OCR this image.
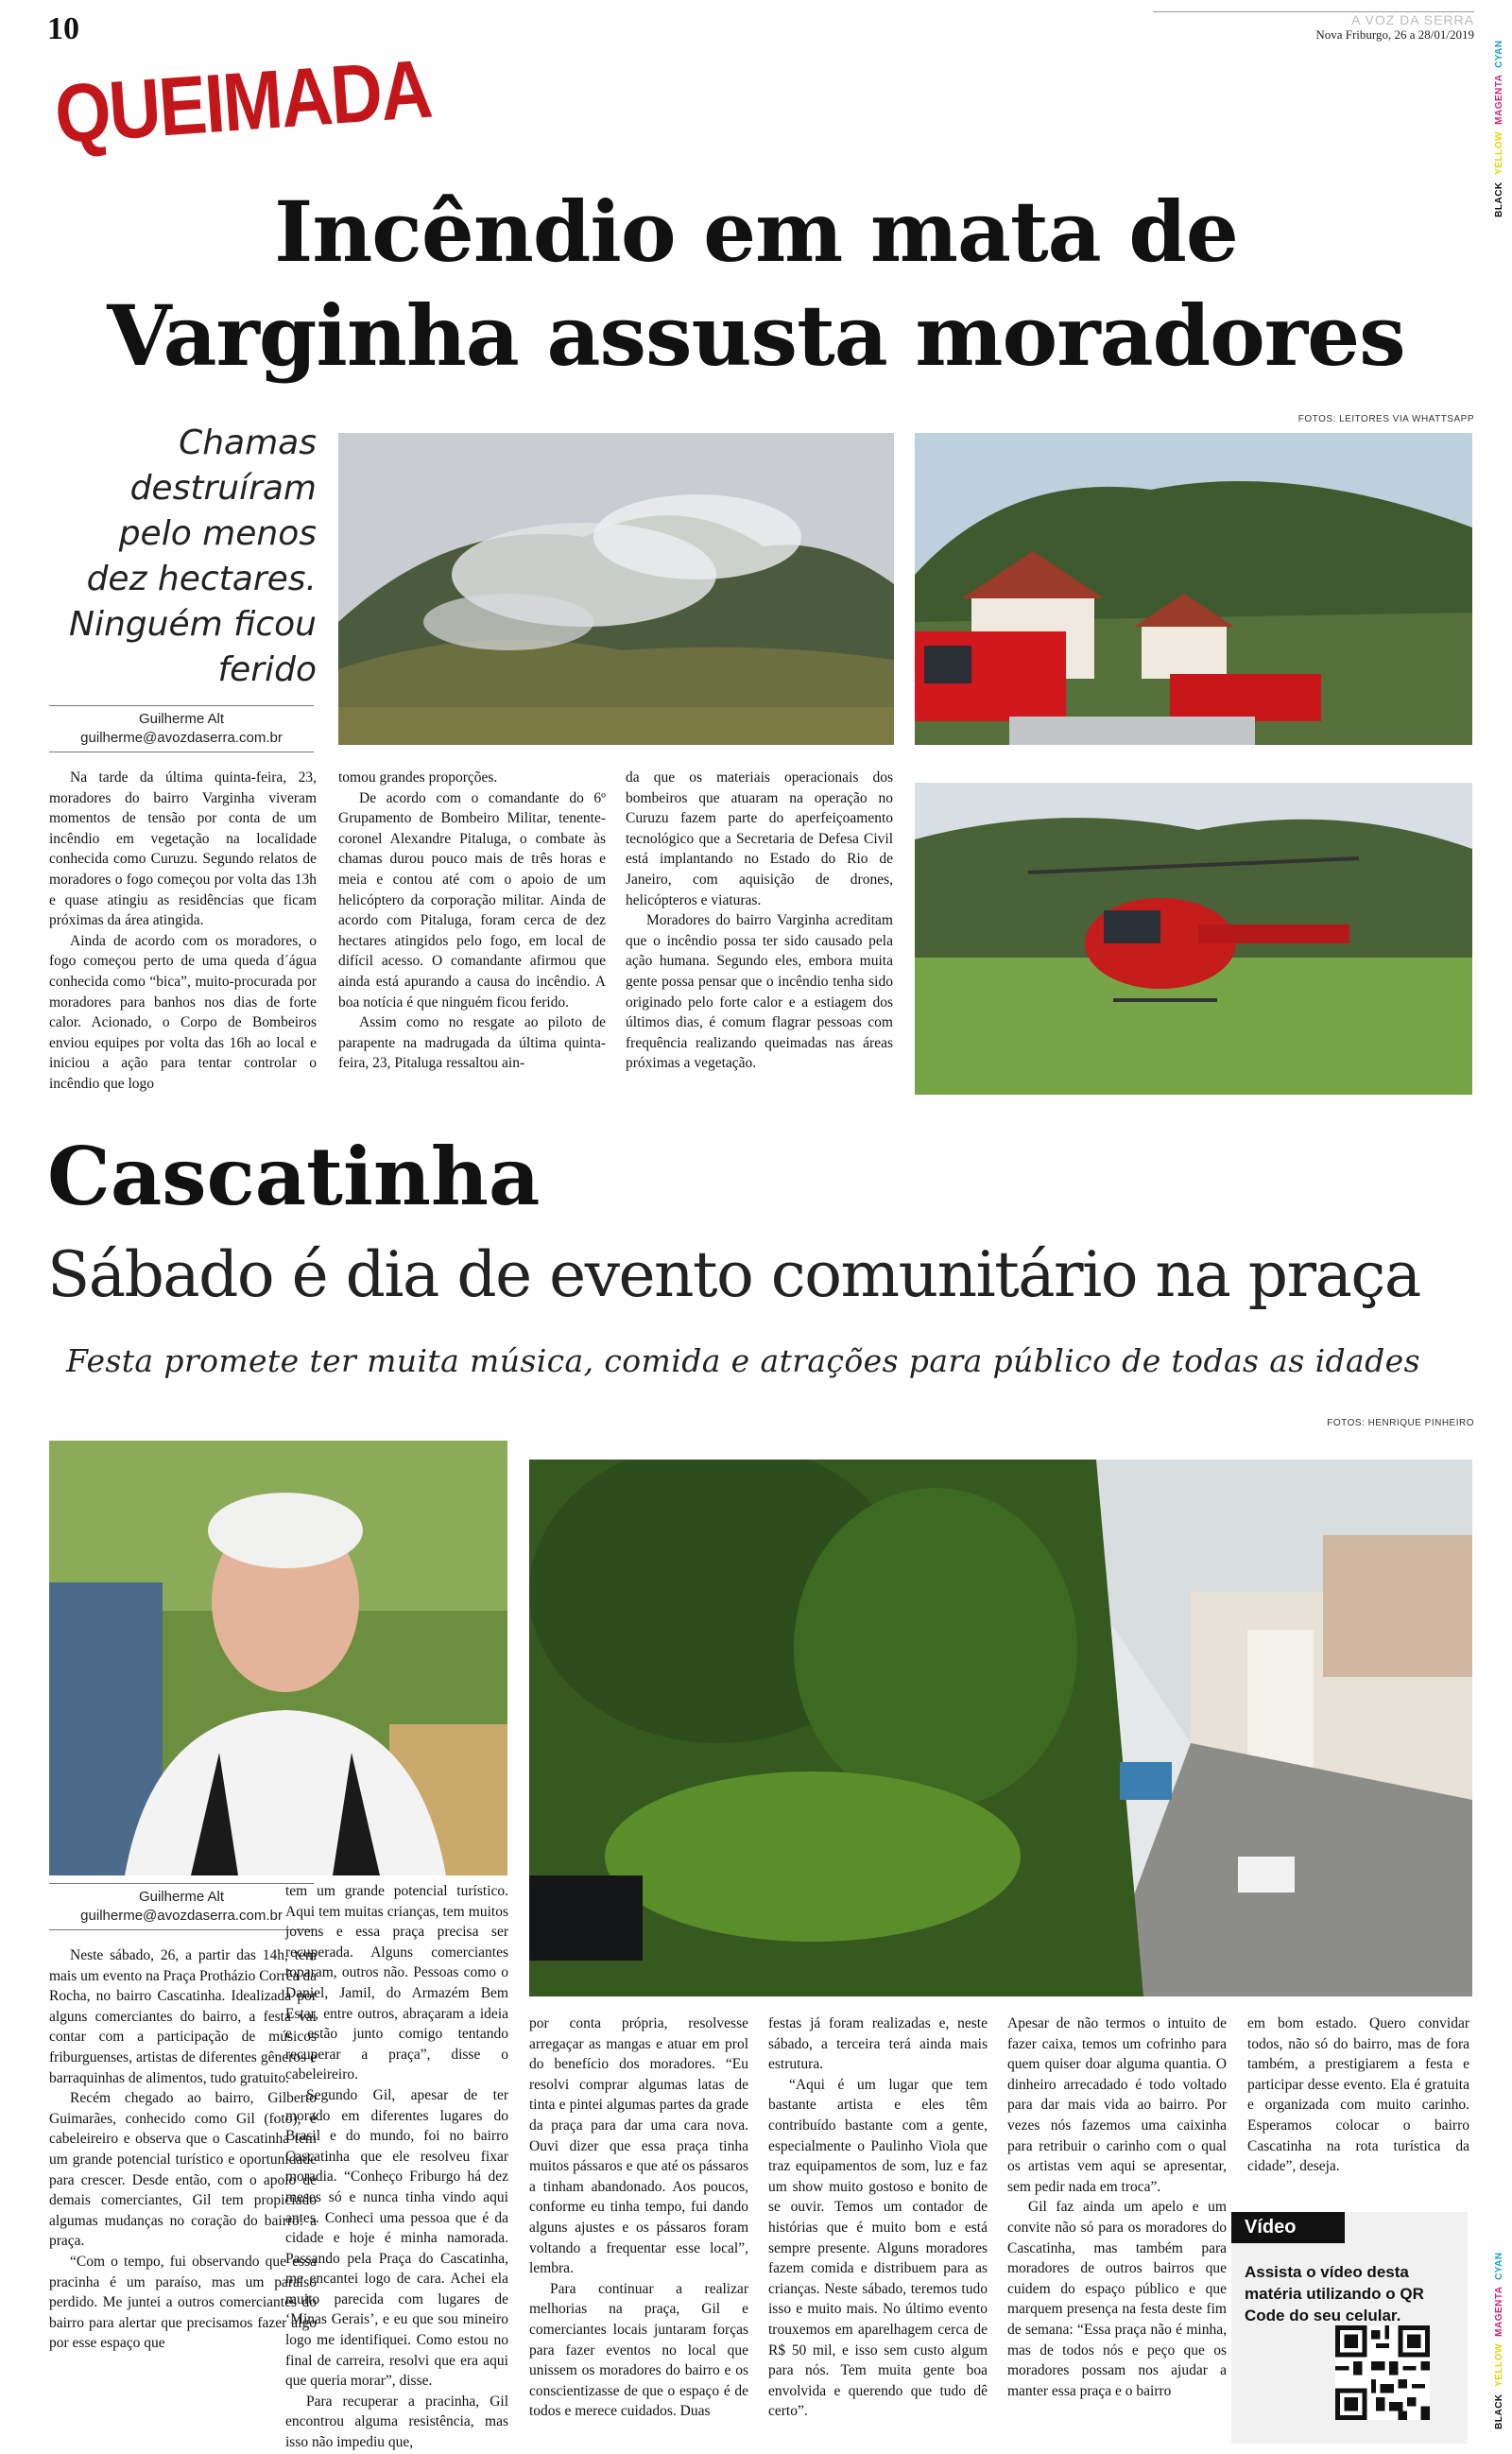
10	A VOZ DA SERRA
Nova Friburgo, 26 a 28/01/2019
BLACK YELLOW MAGENTA CYAN
BLACK YELLOW MAGENTA CYAN
QUEIMADA
Incêndio em mata de
Varginha assusta moradores
FOTOS: LEITORES VIA WHATTSAPP
Chamas destruíram pelo menos dez hectares. Ninguém ficou ferido
Guilherme Alt
guilherme@avozdaserra.com.br

Na tarde da última quinta-feira, 23, moradores do bairro Varginha viveram momentos de tensão por conta de um incêndio em vegetação na localidade conhecida como Curuzu. Segundo relatos de moradores o fogo começou por volta das 13h e quase atingiu as residências que ficam próximas da área atingida.

Ainda de acordo com os moradores, o fogo começou perto de uma queda d´água conhecida como “bica”, muito-procurada por moradores para banhos nos dias de forte calor. Acionado, o Corpo de Bombeiros enviou equipes por volta das 16h ao local e iniciou a ação para tentar controlar o incêndio que logo

tomou grandes proporções.

De acordo com o comandante do 6º Grupamento de Bombeiro Militar, tenente-coronel Alexandre Pitaluga, o combate às chamas durou pouco mais de três horas e meia e contou até com o apoio de um helicóptero da corporação militar. Ainda de acordo com Pitaluga, foram cerca de dez hectares atingidos pelo fogo, em local de difícil acesso. O comandante afirmou que ainda está apurando a causa do incêndio. A boa notícia é que ninguém ficou ferido.

Assim como no resgate ao piloto de parapente na madrugada da última quinta-feira, 23, Pitaluga ressaltou ain-

da que os materiais operacionais dos bombeiros que atuaram na operação no Curuzu fazem parte do aperfeiçoamento tecnológico que a Secretaria de Defesa Civil está implantando no Estado do Rio de Janeiro, com aquisição de drones, helicópteros e viaturas.

Moradores do bairro Varginha acreditam que o incêndio possa ter sido causado pela ação humana. Segundo eles, embora muita gente possa pensar que o incêndio tenha sido originado pelo forte calor e a estiagem dos últimos dias, é comum flagrar pessoas com frequência realizando queimadas nas áreas próximas a vegetação.

Cascatinha
Sábado é dia de evento comunitário na praça
Festa promete ter muita música, comida e atrações para público de todas as idades
FOTOS: HENRIQUE PINHEIRO
Guilherme Alt
guilherme@avozdaserra.com.br

Neste sábado, 26, a partir das 14h, tem mais um evento na Praça Protházio Corrêa da Rocha, no bairro Cascatinha. Idealizada por alguns comerciantes do bairro, a festa vai contar com a participação de músicos friburguenses, artistas de diferentes gêneros e barraquinhas de alimentos, tudo gratuito.

Recém chegado ao bairro, Gilberto Guimarães, conhecido como Gil (foto), é cabeleireiro e observa que o Cascatinha tem um grande potencial turístico e oportunidade para crescer. Desde então, com o apoio de demais comerciantes, Gil tem propiciado algumas mudanças no coração do bairro: a praça.

“Com o tempo, fui observando que essa pracinha é um paraíso, mas um paraíso perdido. Me juntei a outros comerciantes do bairro para alertar que precisamos fazer algo por esse espaço que

tem um grande potencial turístico. Aqui tem muitas crianças, tem muitos jovens e essa praça precisa ser recuperada. Alguns comerciantes toparam, outros não. Pessoas como o Daniel, Jamil, do Armazém Bem Estar, entre outros, abraçaram a ideia e estão junto comigo tentando recuperar a praça”, disse o cabeleireiro.

Segundo Gil, apesar de ter morado em diferentes lugares do Brasil e do mundo, foi no bairro Cascatinha que ele resolveu fixar moradia. “Conheço Friburgo há dez meses só e nunca tinha vindo aqui antes. Conheci uma pessoa que é da cidade e hoje é minha namorada. Passando pela Praça do Cascatinha, me encantei logo de cara. Achei ela muito parecida com lugares de ‘Minas Gerais’, e eu que sou mineiro logo me identifiquei. Como estou no final de carreira, resolvi que era aqui que queria morar”, disse.

Para recuperar a pracinha, Gil encontrou alguma resistência, mas isso não impediu que,

por conta própria, resolvesse arregaçar as mangas e atuar em prol do benefício dos moradores. “Eu resolvi comprar algumas latas de tinta e pintei algumas partes da grade da praça para dar uma cara nova. Ouvi dizer que essa praça tinha muitos pássaros e que até os pássaros a tinham abandonado. Aos poucos, conforme eu tinha tempo, fui dando alguns ajustes e os pássaros foram voltando a frequentar esse local”, lembra.

Para continuar a realizar melhorias na praça, Gil e comerciantes locais juntaram forças para fazer eventos no local que unissem os moradores do bairro e os conscientizasse de que o espaço é de todos e merece cuidados. Duas

festas já foram realizadas e, neste sábado, a terceira terá ainda mais estrutura.

“Aqui é um lugar que tem bastante artista e eles têm contribuído bastante com a gente, especialmente o Paulinho Viola que traz equipamentos de som, luz e faz um show muito gostoso e bonito de se ouvir. Temos um contador de histórias que é muito bom e está sempre presente. Alguns moradores fazem comida e distribuem para as crianças. Neste sábado, teremos tudo isso e muito mais. No último evento trouxemos em aparelhagem cerca de R$ 50 mil, e isso sem custo algum para nós. Tem muita gente boa envolvida e querendo que tudo dê certo”.

Apesar de não termos o intuito de fazer caixa, temos um cofrinho para quem quiser doar alguma quantia. O dinheiro arrecadado é todo voltado para dar mais vida ao bairro. Por vezes nós fazemos uma caixinha para retribuir o carinho com o qual os artistas vem aqui se apresentar, sem pedir nada em troca”.

Gil faz ainda um apelo e um convite não só para os moradores do Cascatinha, mas também para moradores de outros bairros que cuidem do espaço público e que marquem presença na festa deste fim de semana: “Essa praça não é minha, mas de todos nós e peço que os moradores possam nos ajudar a manter essa praça e o bairro

em bom estado. Quero convidar todos, não só do bairro, mas de fora também, a prestigiarem a festa e participar desse evento. Ela é gratuita e organizada com muito carinho. Esperamos colocar o bairro Cascatinha na rota turística da cidade”, deseja.

Vídeo
Assista o vídeo desta matéria utilizando o QR Code do seu celular.
